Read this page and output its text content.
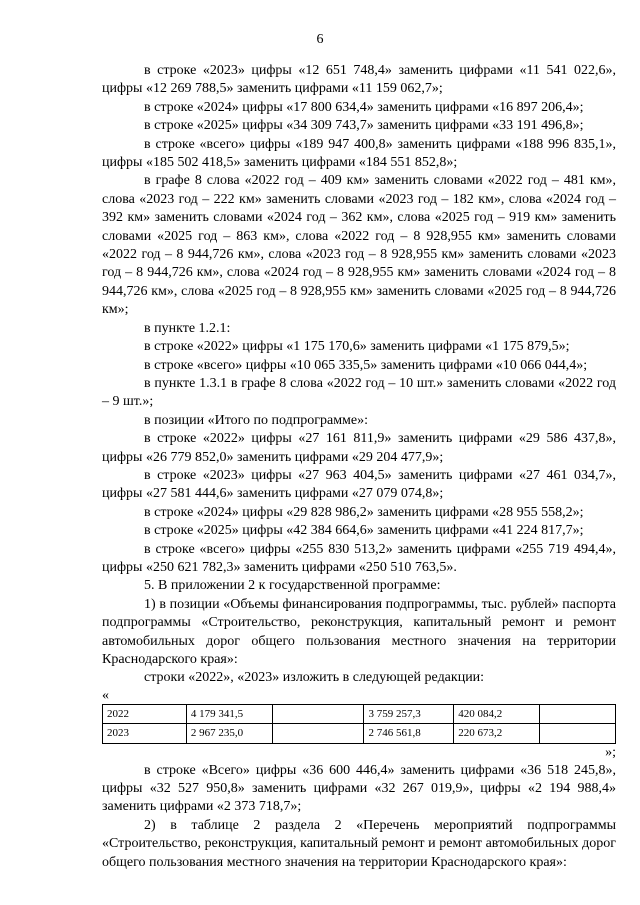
6

в строке «2023» цифры «12 651 748,4» заменить цифрами «11 541 022,6», цифры «12 269 788,5» заменить цифрами «11 159 062,7»;

в строке «2024» цифры «17 800 634,4» заменить цифрами «16 897 206,4»;

в строке «2025» цифры «34 309 743,7» заменить цифрами «33 191 496,8»;

в строке «всего» цифры «189 947 400,8» заменить цифрами «188 996 835,1», цифры «185 502 418,5» заменить цифрами «184 551 852,8»;

в графе 8 слова «2022 год – 409 км» заменить словами «2022 год – 481 км», слова «2023 год – 222 км» заменить словами «2023 год – 182 км», слова «2024 год – 392 км» заменить словами «2024 год – 362 км», слова «2025 год – 919 км» заменить словами «2025 год – 863 км», слова «2022 год – 8 928,955 км» заменить словами «2022 год – 8 944,726 км», слова «2023 год – 8 928,955 км» заменить словами «2023 год – 8 944,726 км», слова «2024 год – 8 928,955 км» заменить словами «2024 год – 8 944,726 км», слова «2025 год – 8 928,955 км» заменить словами «2025 год – 8 944,726 км»;

в пункте 1.2.1:

в строке «2022» цифры «1 175 170,6» заменить цифрами «1 175 879,5»;

в строке «всего» цифры «10 065 335,5» заменить цифрами «10 066 044,4»;

в пункте 1.3.1 в графе 8 слова «2022 год – 10 шт.» заменить словами «2022 год – 9 шт.»;

в позиции «Итого по подпрограмме»:

в строке «2022» цифры «27 161 811,9» заменить цифрами «29 586 437,8», цифры «26 779 852,0» заменить цифрами «29 204 477,9»;

в строке «2023» цифры «27 963 404,5» заменить цифрами «27 461 034,7», цифры «27 581 444,6» заменить цифрами «27 079 074,8»;

в строке «2024» цифры «29 828 986,2» заменить цифрами «28 955 558,2»;

в строке «2025» цифры «42 384 664,6» заменить цифрами «41 224 817,7»;

в строке «всего» цифры «255 830 513,2» заменить цифрами «255 719 494,4», цифры «250 621 782,3» заменить цифрами «250 510 763,5».

5. В приложении 2 к государственной программе:

1) в позиции «Объемы финансирования подпрограммы, тыс. рублей» паспорта подпрограммы «Строительство, реконструкция, капитальный ремонт и ремонт автомобильных дорог общего пользования местного значения на территории Краснодарского края»:

строки «2022», «2023» изложить в следующей редакции:

«

2022	4 179 341,5		3 759 257,3	420 084,2	
2023	2 967 235,0		2 746 561,8	220 673,2	

»;

в строке «Всего» цифры «36 600 446,4» заменить цифрами «36 518 245,8», цифры «32 527 950,8» заменить цифрами «32 267 019,9», цифры «2 194 988,4» заменить цифрами «2 373 718,7»;

2) в таблице 2 раздела 2 «Перечень мероприятий подпрограммы «Строительство, реконструкция, капитальный ремонт и ремонт автомобильных дорог общего пользования местного значения на территории Краснодарского края»:
